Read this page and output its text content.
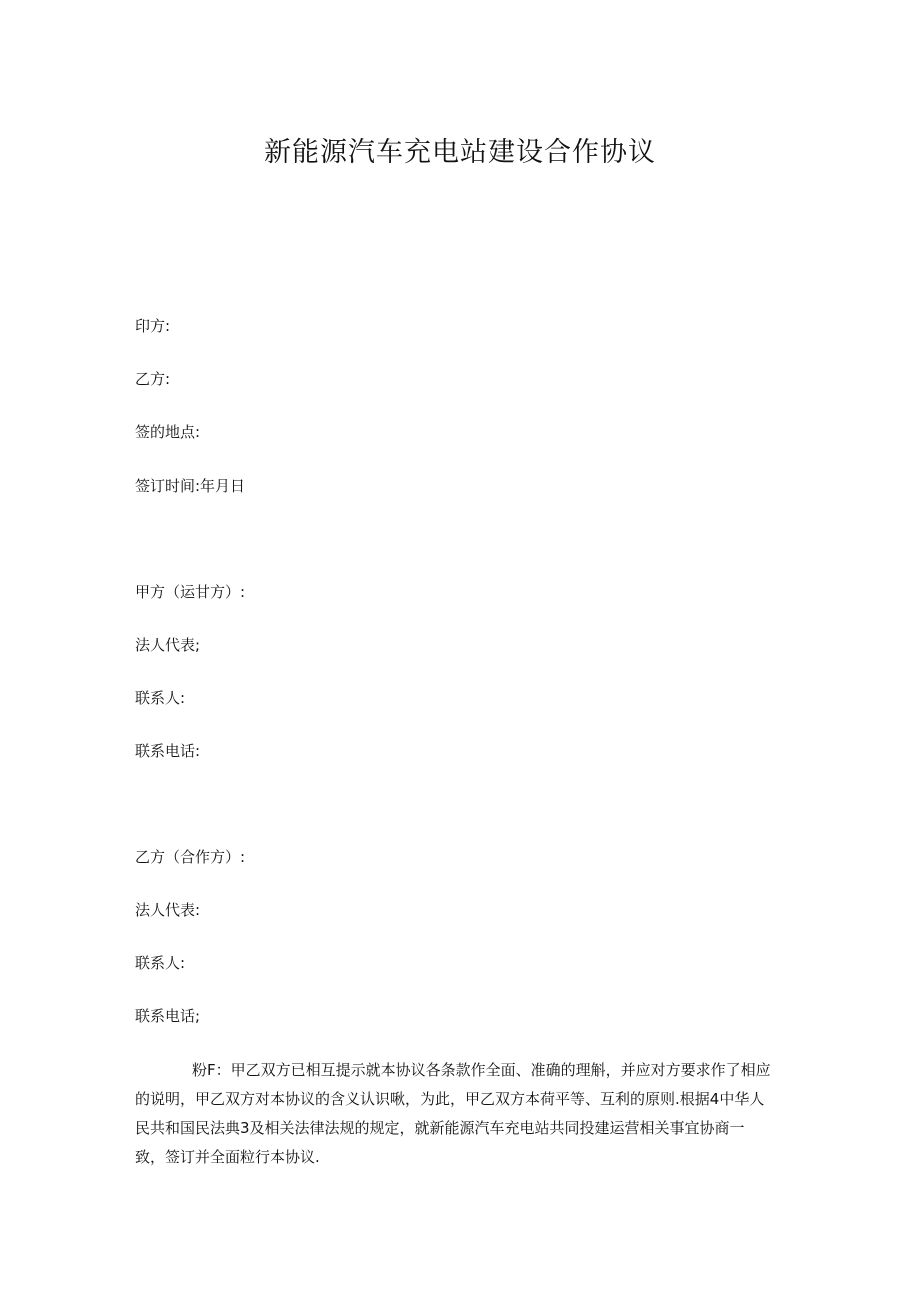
新能源汽车充电站建设合作协议
印方:
乙方:
签的地点:
签订时间:年月日
甲方（运甘方）:
法人代表;
联系人:
联系电话:
乙方（合作方）:
法人代表:
联系人:
联系电话;

粉F：甲乙双方已相互提示就本协议各条款作全面、准确的理斛，并应对方要求作了相应

的说明，甲乙双方对本协议的含义认识啾，为此，甲乙双方本荷平等、互利的原则.根据4中华人

民共和国民法典3及相关法律法规的规定，就新能源汽车充电站共同投建运营相关事宜协商一

致，签订并全面粒行本协议.
